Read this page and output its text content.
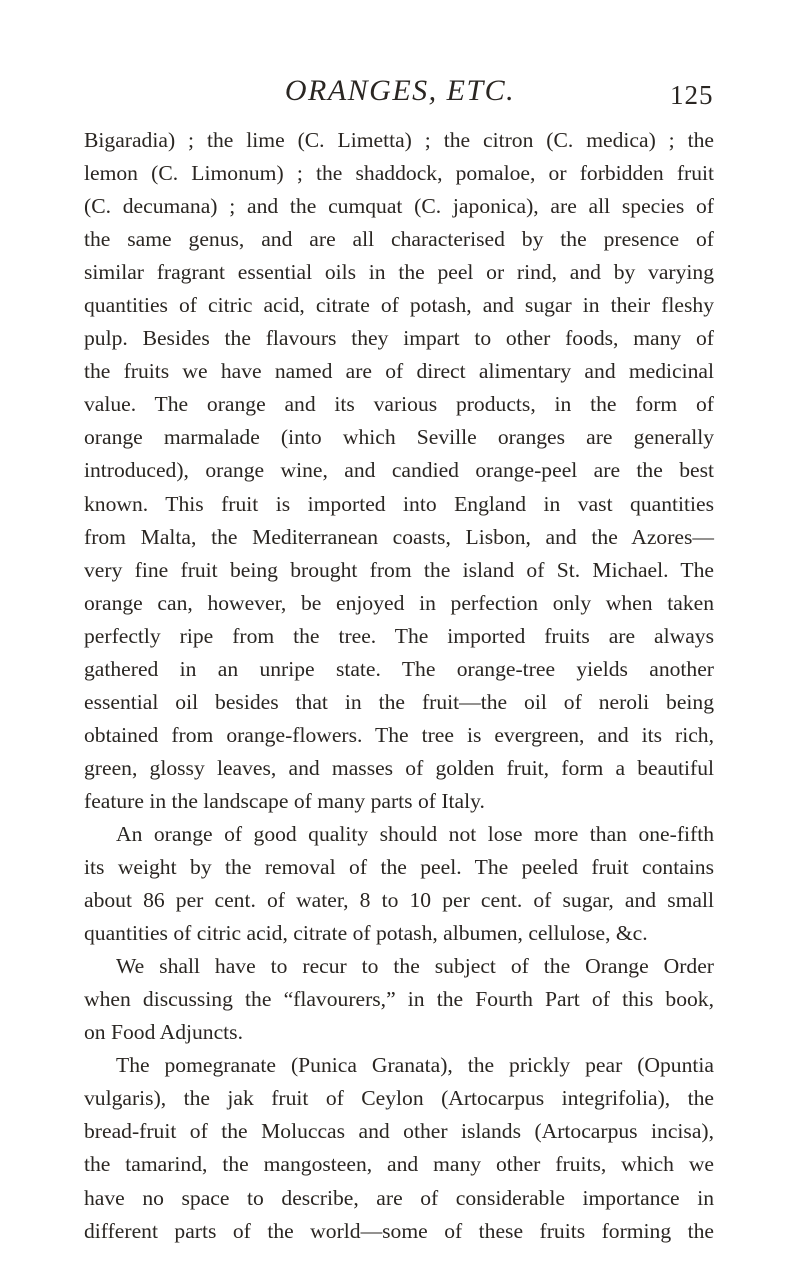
ORANGES, ETC.	125
Bigaradia) ; the lime (C. Limetta) ; the citron (C. medica) ; the
lemon (C. Limonum) ; the shaddock, pomaloe, or forbidden fruit
(C. decumana) ; and the cumquat (C. japonica), are all species of
the same genus, and are all characterised by the presence of
similar fragrant essential oils in the peel or rind, and by varying
quantities of citric acid, citrate of potash, and sugar in their fleshy
pulp. Besides the flavours they impart to other foods, many of
the fruits we have named are of direct alimentary and medicinal
value. The orange and its various products, in the form of
orange marmalade (into which Seville oranges are generally
introduced), orange wine, and candied orange-peel are the best
known. This fruit is imported into England in vast quantities
from Malta, the Mediterranean coasts, Lisbon, and the Azores—
very fine fruit being brought from the island of St. Michael. The
orange can, however, be enjoyed in perfection only when taken
perfectly ripe from the tree. The imported fruits are always
gathered in an unripe state. The orange-tree yields another
essential oil besides that in the fruit—the oil of neroli being
obtained from orange-flowers. The tree is evergreen, and its rich,
green, glossy leaves, and masses of golden fruit, form a beautiful
feature in the landscape of many parts of Italy.
An orange of good quality should not lose more than one-fifth
its weight by the removal of the peel. The peeled fruit contains
about 86 per cent. of water, 8 to 10 per cent. of sugar, and small
quantities of citric acid, citrate of potash, albumen, cellulose, &c.
We shall have to recur to the subject of the Orange Order
when discussing the “flavourers,” in the Fourth Part of this book,
on Food Adjuncts.
The pomegranate (Punica Granata), the prickly pear (Opuntia
vulgaris), the jak fruit of Ceylon (Artocarpus integrifolia), the
bread-fruit of the Moluccas and other islands (Artocarpus incisa),
the tamarind, the mangosteen, and many other fruits, which we
have no space to describe, are of considerable importance in
different parts of the world—some of these fruits forming the
